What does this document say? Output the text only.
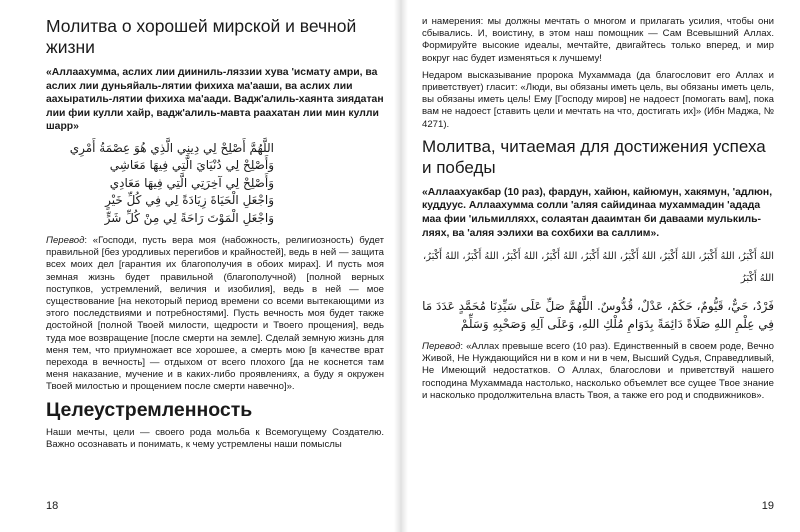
Молитва о хорошей мирской и вечной жизни

«Аллаахумма, аслих лии дииниль-ляззии хува 'исмату амри, ва аслих лии дуньяйаль-лятии фихиха ма'ааши, ва аслих лии аахыратиль-лятии фихиха ма'аади. Вадж'алиль-хаянта зиядатан лии фии кулли хайр, вадж'алиль-мавта раахатан лии мин кулли шарр»

اللَّهُمَّ أَصْلِحْ لِي دِينِي الَّذِي هُوَ عِصْمَةُ أَمْرِي
وَأَصْلِحْ لِي دُنْيَايَ الَّتِي فِيهَا مَعَاشِي
وَأَصْلِحْ لِي آخِرَتِي الَّتِي فِيهَا مَعَادِي
وَاجْعَلِ الْحَيَاةَ زِيَادَةً لِي فِي كُلِّ خَيْرٍ
وَاجْعَلِ الْمَوْتَ رَاحَةً لِي مِنْ كُلِّ شَرٍّ

Перевод: «Господи, пусть вера моя (набожность, религиозность) будет правильной [без уродливых перегибов и крайностей], ведь в ней — защита всех моих дел [гарантия их благополучия в обоих мирах]. И пусть моя земная жизнь будет правильной (благополучной) [полной верных поступков, устремлений, величия и изобилия], ведь в ней — мое существование [на некоторый период времени со всеми вытекающими из этого последствиями и потребностями]. Пусть вечность моя будет также достойной [полной Твоей милости, щедрости и Твоего прощения], ведь туда мое возвращение [после смерти на земле]. Сделай земную жизнь для меня тем, что приумножает все хорошее, а смерть мою [в качестве врат перехода в вечность] — отдыхом от всего плохого [да не коснется там меня наказание, мучение и в каких-либо проявлениях, а буду я окружен Твоей милостью и прощением после смерти навечно]».

Целеустремленность

Наши мечты, цели — своего рода мольба к Всемогущему Создателю. Важно осознавать и понимать, к чему устремлены наши помыслы

18

и намерения: мы должны мечтать о многом и прилагать усилия, чтобы они сбывались. И, воистину, в этом наш помощник — Сам Всевышний Аллах. Формируйте высокие идеалы, мечтайте, двигайтесь только вперед, и мир вокруг нас будет изменяться к лучшему!

Недаром высказывание пророка Мухаммада (да благословит его Аллах и приветствует) гласит: «Люди, вы обязаны иметь цель, вы обязаны иметь цель, вы обязаны иметь цель! Ему [Господу миров] не надоест [помогать вам], пока вам не надоест [ставить цели и мечтать на что, достигать их]» (Ибн Маджа, № 4271).

Молитва, читаемая для достижения успеха и победы

«Аллаахуакбар (10 раз), фардун, хайюн, кайюмун, хакямун, 'адлюн, куддуус. Аллаахумма солли 'аляя сайидинаа мухаммадин 'адада маа фии 'ильмилляхх, солаятан дааимтан би даваами мулькиль-ляях, ва 'аляя ээлихи ва сохбихи ва саллим».

اللهُ أَكْبَرُ، اللهُ أَكْبَرُ، اللهُ أَكْبَرُ، اللهُ أَكْبَرُ، اللهُ أَكْبَرُ، اللهُ أَكْبَرُ، اللهُ أَكْبَرُ، اللهُ أَكْبَرُ، اللهُ أَكْبَرُ، اللهُ أَكْبَرُ

فَرْدٌ، حَيٌّ، قَيُّومٌ، حَكَمٌ، عَدْلٌ، قُدُّوسٌ. اللَّهُمَّ صَلِّ عَلَى سَيِّدِنَا مُحَمَّدٍ عَدَدَ مَا فِي عِلْمِ اللهِ صَلَاةً دَائِمَةً بِدَوَامِ مُلْكِ اللهِ، وَعَلَى آلِهِ وَصَحْبِهِ وَسَلِّمْ

Перевод: «Аллах превыше всего (10 раз). Единственный в своем роде, Вечно Живой, Не Нуждающийся ни в ком и ни в чем, Высший Судья, Справедливый, Не Имеющий недостатков. О Аллах, благослови и приветствуй нашего господина Мухаммада настолько, насколько объемлет все сущее Твое знание и насколько продолжительна власть Твоя, а также его род и сподвижников».

19
